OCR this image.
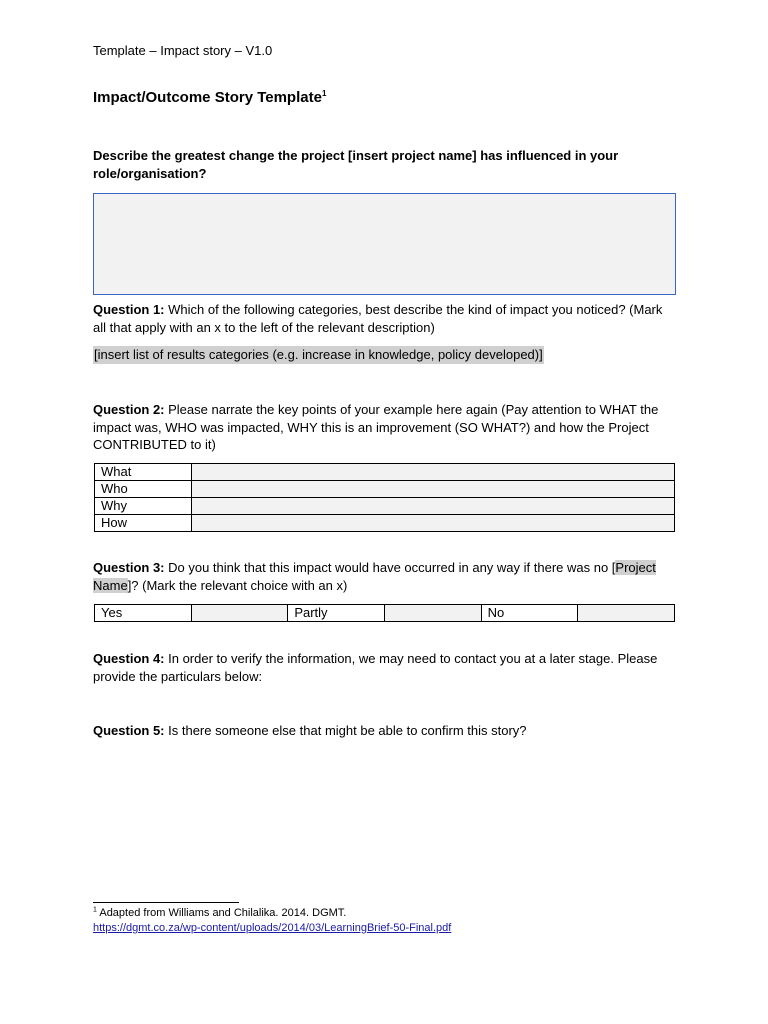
Template – Impact story – V1.0
Impact/Outcome Story Template$^1$
Describe the greatest change the project [insert project name] has influenced in your role/organisation?
Question 1: Which of the following categories, best describe the kind of impact you noticed? (Mark all that apply with an x to the left of the relevant description)
[insert list of results categories (e.g. increase in knowledge, policy developed)]
Question 2: Please narrate the key points of your example here again (Pay attention to WHAT the impact was, WHO was impacted, WHY this is an improvement (SO WHAT?) and how the Project CONTRIBUTED to it)
What	
Who	
Why	
How	
Question 3: Do you think that this impact would have occurred in any way if there was no [Project Name]? (Mark the relevant choice with an x)
Yes		Partly		No	
Question 4: In order to verify the information, we may need to contact you at a later stage. Please provide the particulars below:
Question 5: Is there someone else that might be able to confirm this story?
$^1$ Adapted from Williams and Chilalika. 2014. DGMT.
https://dgmt.co.za/wp-content/uploads/2014/03/LearningBrief-50-Final.pdf
